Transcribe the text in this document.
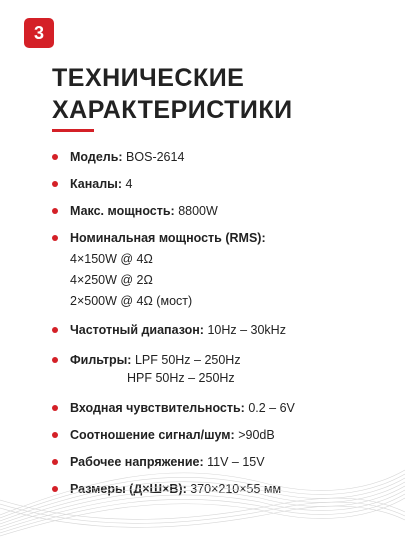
3
ТЕХНИЧЕСКИЕ
ХАРАКТЕРИСТИКИ
Модель: BOS-2614
Каналы: 4
Макс. мощность: 8800W
Номинальная мощность (RMS):
4×150W @ 4Ω
4×250W @ 2Ω
2×500W @ 4Ω (мост)
Частотный диапазон: 10Hz – 30kHz
Фильтры: LPF 50Hz – 250Hz
HPF 50Hz – 250Hz
Входная чувствительность: 0.2 – 6V
Соотношение сигнал/шум: >90dB
Рабочее напряжение: 11V – 15V
Размеры (Д×Ш×В): 370×210×55 мм
